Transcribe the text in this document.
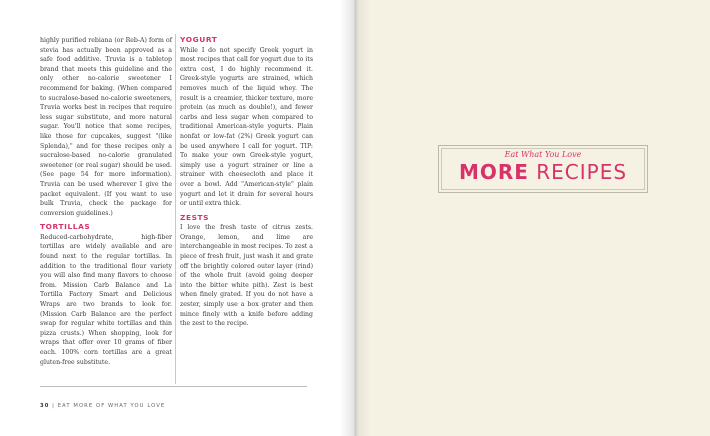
highly purified rebiana (or Reb-A) form of stevia has actually been approved as a safe food additive. Truvia is a tabletop brand that meets this guideline and the only other no-calorie sweetener I recommend for baking. (When compared to sucralose-based no-calorie sweeteners, Truvia works best in recipes that require less sugar substitute, and more natural sugar. You'll notice that some recipes, like those for cupcakes, suggest "(like Splenda)," and for these recipes only a sucralose-based no-calorie granulated sweetener (or real sugar) should be used. (See page 54 for more information). Truvia can be used wherever I give the packet equivalent. (If you want to use bulk Truvia, check the package for conversion guidelines.)

TORTILLAS

Reduced-carbohydrate, high-fiber tortillas are widely available and are found next to the regular tortillas. In addition to the traditional flour variety you will also find many flavors to choose from. Mission Carb Balance and La Tortilla Factory Smart and Delicious Wraps are two brands to look for. (Mission Carb Balance are the perfect swap for regular white tortillas and thin pizza crusts.) When shopping, look for wraps that offer over 10 grams of fiber each. 100% corn tortillas are a great gluten-free substitute.

YOGURT

While I do not specify Greek yogurt in most recipes that call for yogurt due to its extra cost, I do highly recommend it. Greek-style yogurts are strained, which removes much of the liquid whey. The result is a creamier, thicker texture, more protein (as much as double!), and fewer carbs and less sugar when compared to traditional American-style yogurts. Plain nonfat or low-fat (2%) Greek yogurt can be used anywhere I call for yogurt. TIP: To make your own Greek-style yogurt, simply use a yogurt strainer or line a strainer with cheesecloth and place it over a bowl. Add "American-style" plain yogurt and let it drain for several hours or until extra thick.

ZESTS

I love the fresh taste of citrus zests. Orange, lemon, and lime are interchangeable in most recipes. To zest a piece of fresh fruit, just wash it and grate off the brightly colored outer layer (rind) of the whole fruit (avoid going deeper into the bitter white pith). Zest is best when finely grated. If you do not have a zester, simply use a box grater and then mince finely with a knife before adding the zest to the recipe.

30 | EAT MORE OF WHAT YOU LOVE
Eat What You Love
MORE RECIPES
